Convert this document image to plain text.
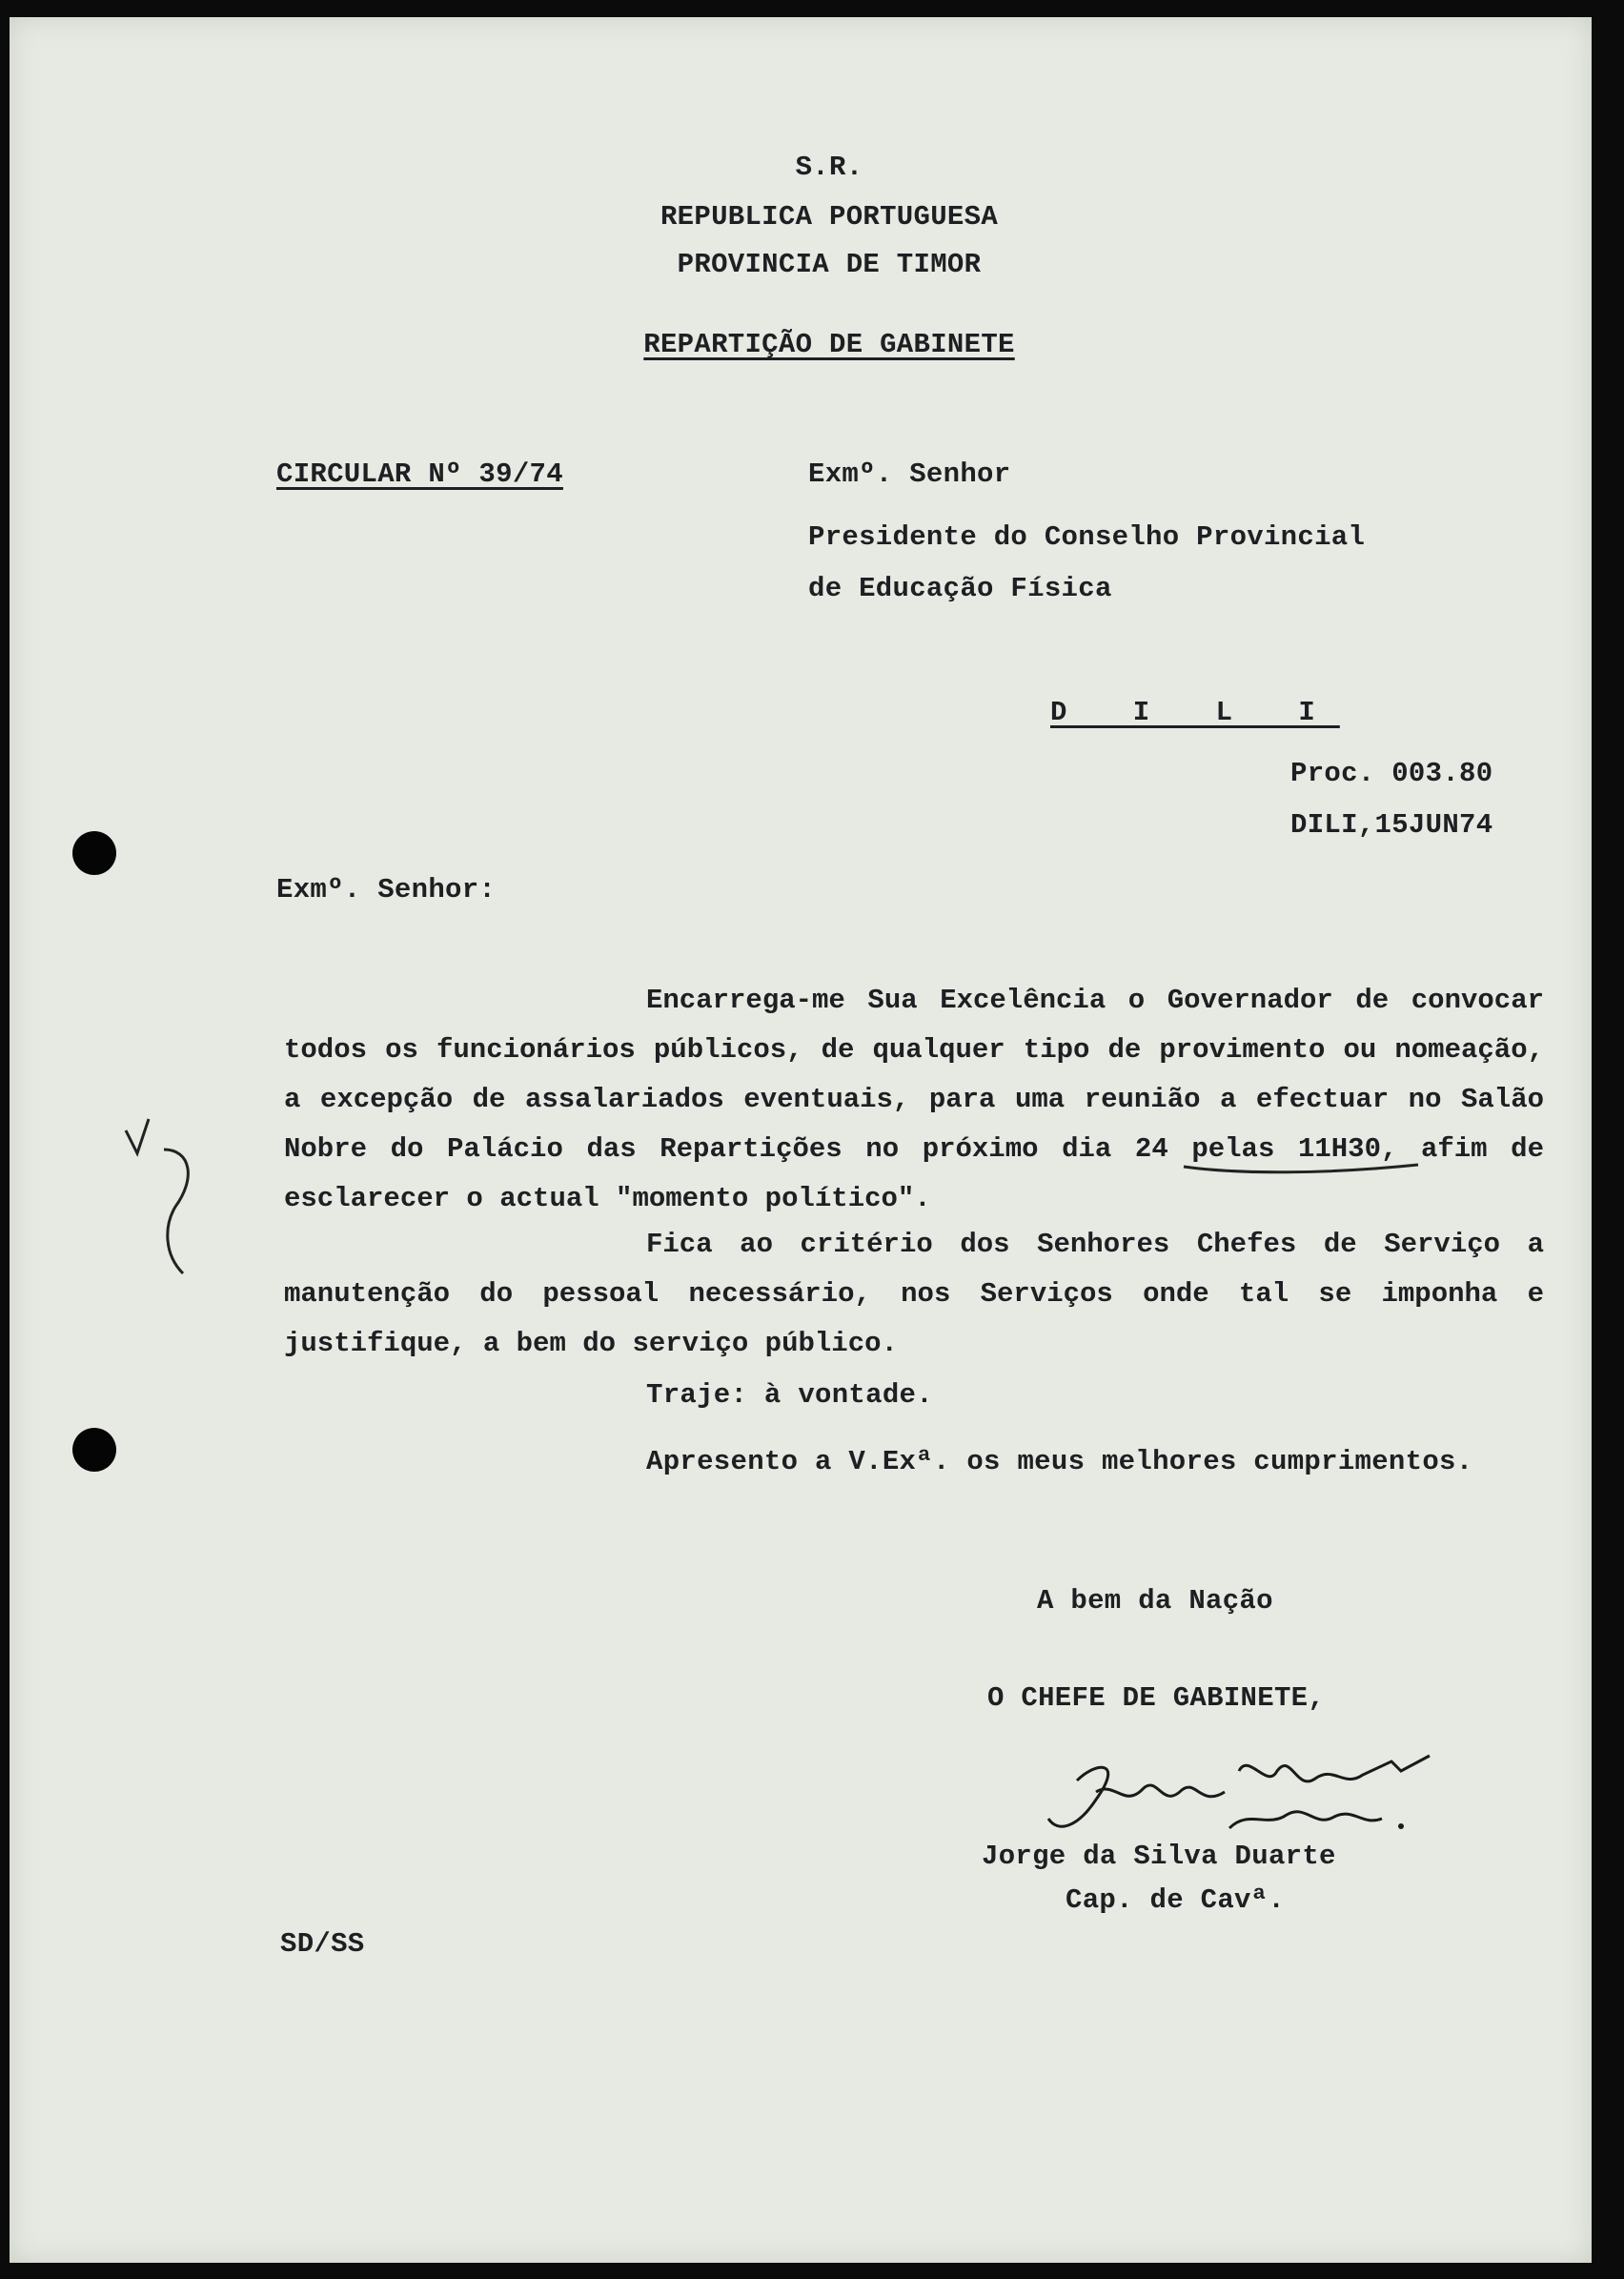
S.R.
REPUBLICA PORTUGUESA
PROVINCIA DE TIMOR
REPARTIÇÃO DE GABINETE
CIRCULAR Nº 39/74	Exmº. Senhor
Presidente do Conselho Provincial
de Educação Física
D I L I
Proc. 003.80
DILI,15JUN74
Exmº. Senhor:
Encarrega-me Sua Excelência o Governador de convocar todos os funcionários públicos, de qualquer tipo de provimento ou nomeação, a excepção de assalariados eventuais, para uma reunião a efectuar no Salão Nobre do Palácio das Repartições no próximo dia 24 pelas 11H30, afim de esclarecer o actual "momento político".
Fica ao critério dos Senhores Chefes de Serviço a manutenção do pessoal necessário, nos Serviços onde tal se imponha e justifique, a bem do serviço público.
Traje: à vontade.
Apresento a V.Exª. os meus melhores cumprimentos.
A bem da Nação
O CHEFE DE GABINETE,
Jorge da Silva Duarte
Cap. de Cavª.
SD/SS
